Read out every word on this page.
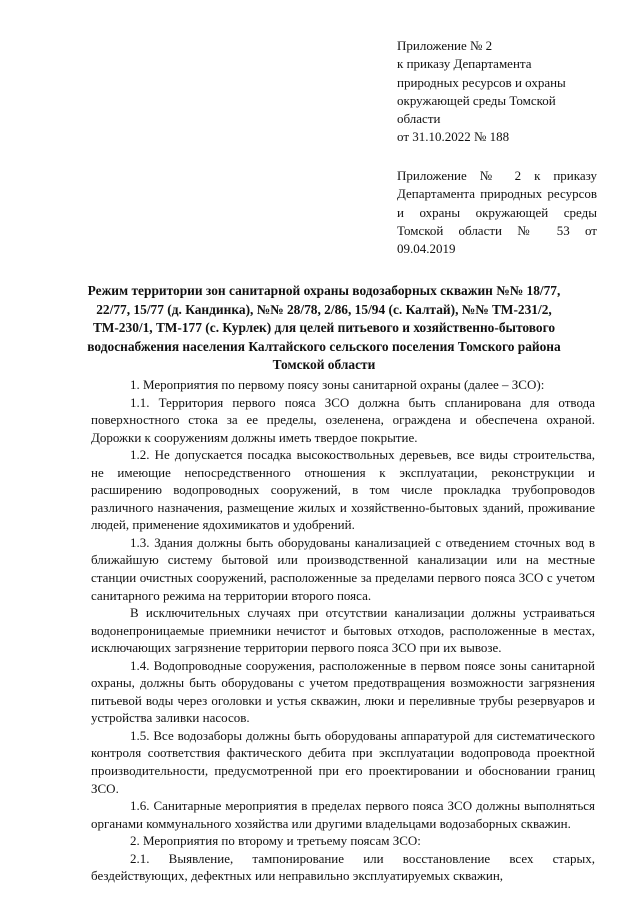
Приложение № 2
к приказу Департамента
природных ресурсов и охраны
окружающей среды Томской
области
от 31.10.2022 № 188
Приложение № 2 к приказу Департамента природных ресурсов и охраны окружающей среды Томской области № 53 от 09.04.2019
Режим территории зон санитарной охраны водозаборных скважин №№ 18/77, 22/77, 15/77 (д. Кандинка), №№ 28/78, 2/86, 15/94 (с. Калтай), №№ ТМ-231/2, ТМ-230/1, ТМ-177 (с. Курлек) для целей питьевого и хозяйственно-бытового водоснабжения населения Калтайского сельского поселения Томского района Томской области

1. Мероприятия по первому поясу зоны санитарной охраны (далее – ЗСО):

1.1. Территория первого пояса ЗСО должна быть спланирована для отвода поверхностного стока за ее пределы, озеленена, ограждена и обеспечена охраной. Дорожки к сооружениям должны иметь твердое покрытие.

1.2. Не допускается посадка высокоствольных деревьев, все виды строительства, не имеющие непосредственного отношения к эксплуатации, реконструкции и расширению водопроводных сооружений, в том числе прокладка трубопроводов различного назначения, размещение жилых и хозяйственно-бытовых зданий, проживание людей, применение ядохимикатов и удобрений.

1.3. Здания должны быть оборудованы канализацией с отведением сточных вод в ближайшую систему бытовой или производственной канализации или на местные станции очистных сооружений, расположенные за пределами первого пояса ЗСО с учетом санитарного режима на территории второго пояса.

В исключительных случаях при отсутствии канализации должны устраиваться водонепроницаемые приемники нечистот и бытовых отходов, расположенные в местах, исключающих загрязнение территории первого пояса ЗСО при их вывозе.

1.4. Водопроводные сооружения, расположенные в первом поясе зоны санитарной охраны, должны быть оборудованы с учетом предотвращения возможности загрязнения питьевой воды через оголовки и устья скважин, люки и переливные трубы резервуаров и устройства заливки насосов.

1.5. Все водозаборы должны быть оборудованы аппаратурой для систематического контроля соответствия фактического дебита при эксплуатации водопровода проектной производительности, предусмотренной при его проектировании и обосновании границ ЗСО.

1.6. Санитарные мероприятия в пределах первого пояса ЗСО должны выполняться органами коммунального хозяйства или другими владельцами водозаборных скважин.

2. Мероприятия по второму и третьему поясам ЗСО:

2.1. Выявление, тампонирование или восстановление всех старых, бездействующих, дефектных или неправильно эксплуатируемых скважин,
